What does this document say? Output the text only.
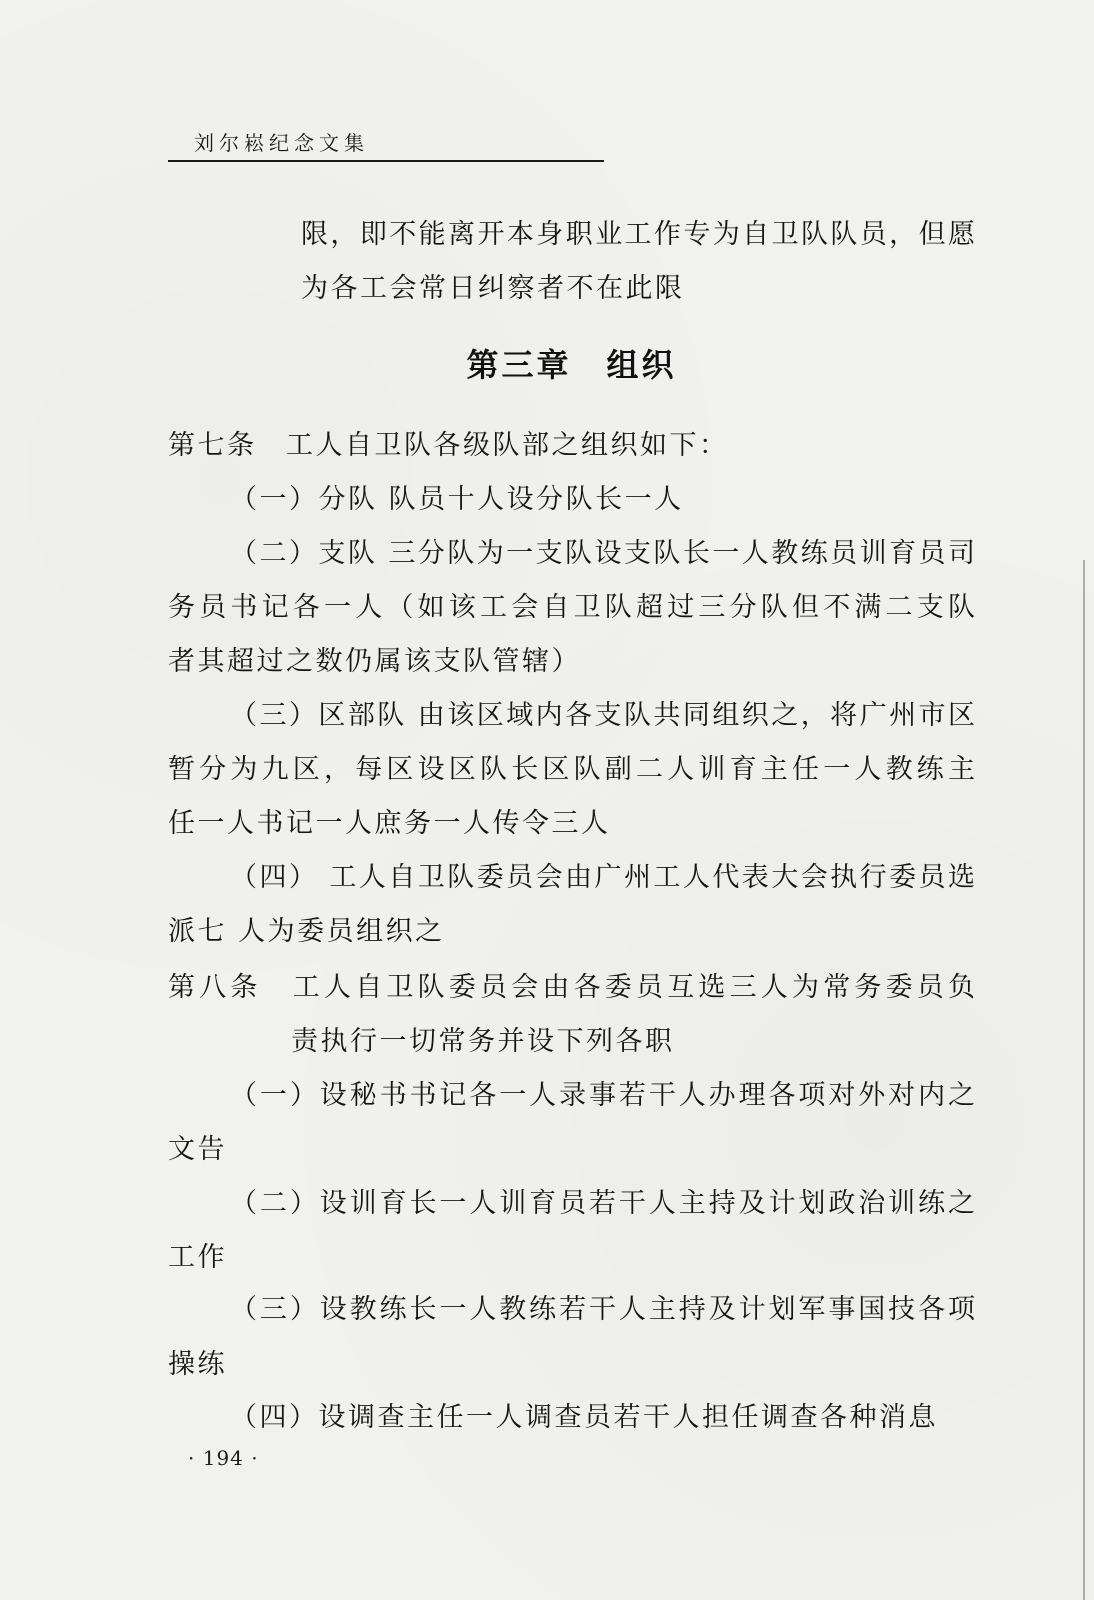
刘尔崧纪念文集
限，即不能离开本身职业工作专为自卫队队员，但愿
为各工会常日纠察者不在此限
第三章　组织
第七条　工人自卫队各级队部之组织如下：
（一）分队 队员十人设分队长一人
（二）支队 三分队为一支队设支队长一人教练员训育员司
务员书记各一人（如该工会自卫队超过三分队但不满二支队
者其超过之数仍属该支队管辖）
（三）区部队 由该区域内各支队共同组织之，将广州市区
暂分为九区，每区设区队长区队副二人训育主任一人教练主
任一人书记一人庶务一人传令三人
（四） 工人自卫队委员会由广州工人代表大会执行委员选
派七 人为委员组织之
第八条　工人自卫队委员会由各委员互选三人为常务委员负
责执行一切常务并设下列各职
（一）设秘书书记各一人录事若干人办理各项对外对内之
文告
（二）设训育长一人训育员若干人主持及计划政治训练之
工作
（三）设教练长一人教练若干人主持及计划军事国技各项
操练
（四）设调查主任一人调查员若干人担任调查各种消息
· 194 ·
